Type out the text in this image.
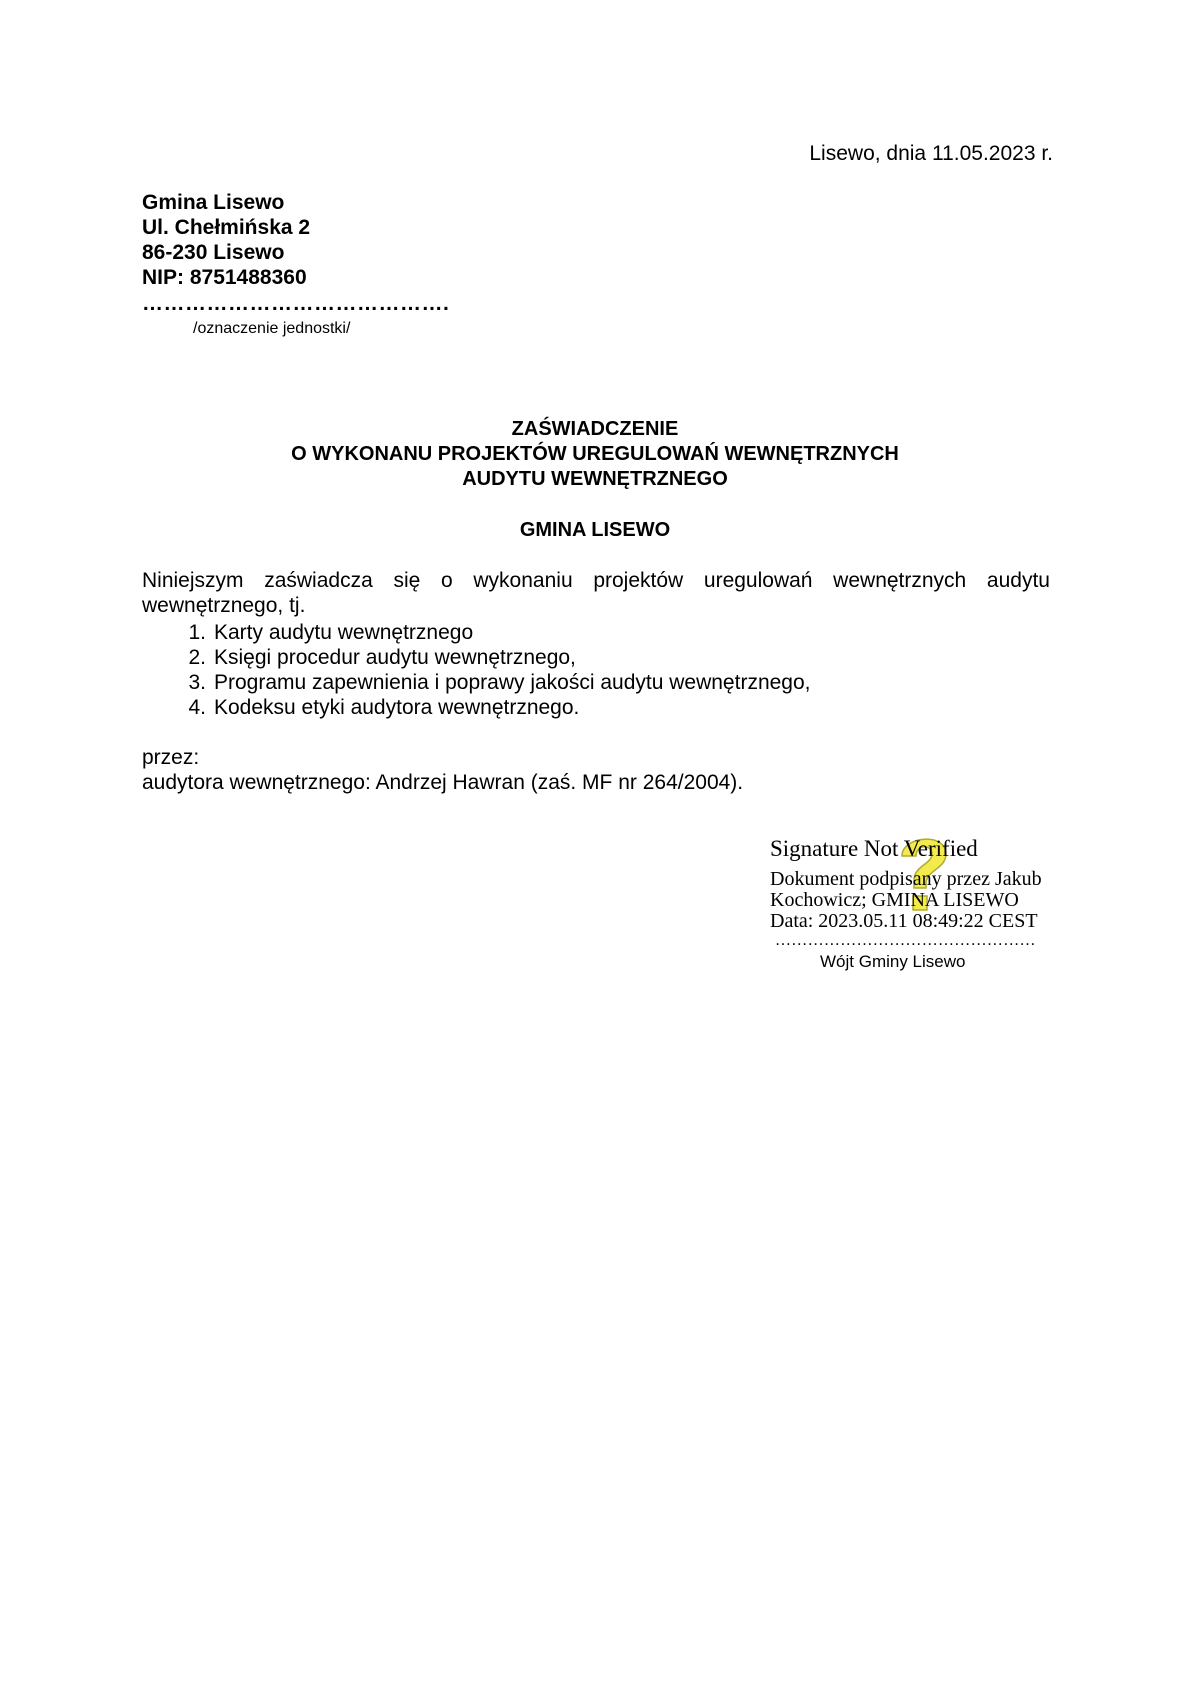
Lisewo, dnia 11.05.2023 r.
Gmina Lisewo
Ul. Chełmińska 2
86-230 Lisewo
NIP: 8751488360
…………………………………….
/oznaczenie jednostki/
ZAŚWIADCZENIE
O WYKONANU PROJEKTÓW UREGULOWAŃ WEWNĘTRZNYCH
AUDYTU WEWNĘTRZNEGO
GMINA LISEWO
Niniejszym zaświadcza się o wykonaniu projektów uregulowań wewnętrznych audytu wewnętrznego, tj.
1. Karty audytu wewnętrznego
2. Księgi procedur audytu wewnętrznego,
3. Programu zapewnienia i poprawy jakości audytu wewnętrznego,
4. Kodeksu etyki audytora wewnętrznego.
przez:
audytora wewnętrznego: Andrzej Hawran (zaś. MF nr 264/2004).
Signature Not Verified
Dokument podpisany przez Jakub
Kochowicz; GMINA LISEWO
Data: 2023.05.11 08:49:22 CEST
…………………………………………
Wójt Gminy Lisewo
